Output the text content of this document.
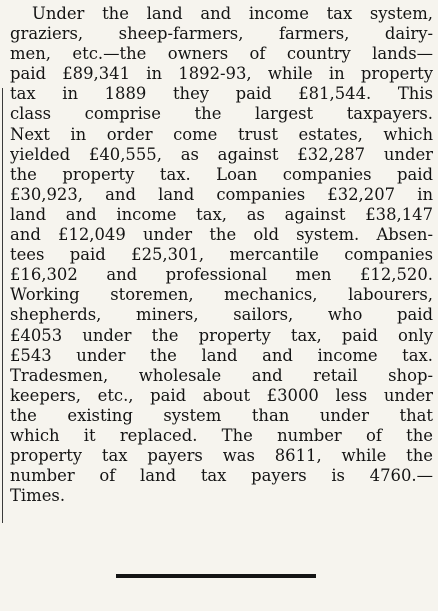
Under the land and income tax system,
graziers, sheep-farmers, farmers, dairy-
men, etc.—the owners of country lands—
paid £89,341 in 1892-93, while in property
tax in 1889 they paid £81,544. This
class comprise the largest taxpayers.
Next in order come trust estates, which
yielded £40,555, as against £32,287 under
the property tax. Loan companies paid
£30,923, and land companies £32,207 in
land and income tax, as against £38,147
and £12,049 under the old system. Absen-
tees paid £25,301, mercantile companies
£16,302 and professional men £12,520.
Working storemen, mechanics, labourers,
shepherds, miners, sailors, who paid
£4053 under the property tax, paid only
£543 under the land and income tax.
Tradesmen, wholesale and retail shop-
keepers, etc., paid about £3000 less under
the existing system than under that
which it replaced. The number of the
property tax payers was 8611, while the
number of land tax payers is 4760.—
Times.
